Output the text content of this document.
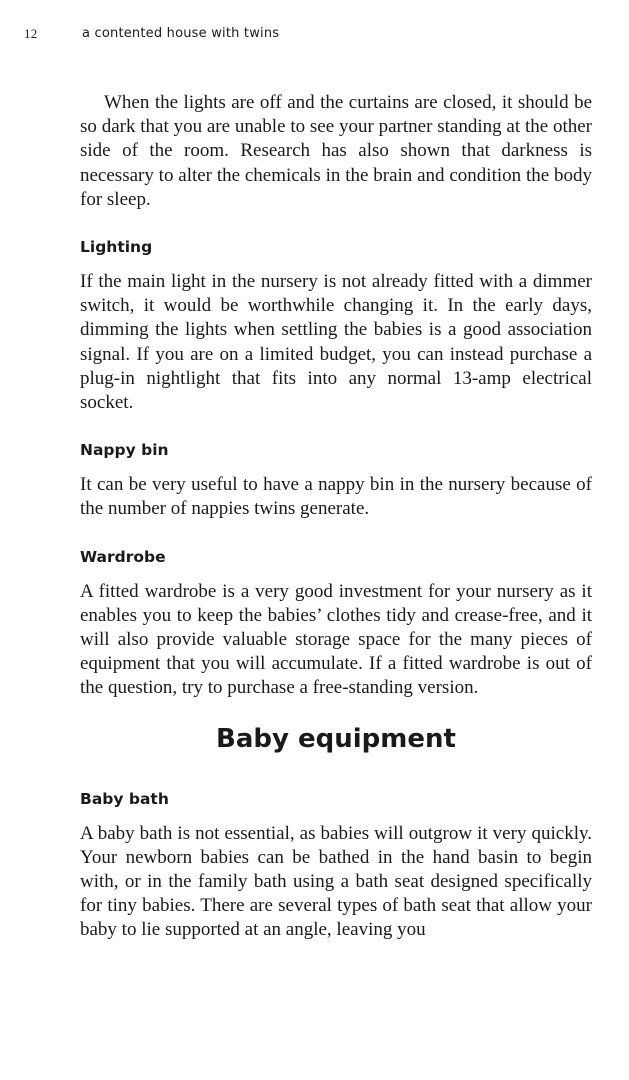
12	a contented house with twins

When the lights are off and the curtains are closed, it should be so dark that you are unable to see your partner standing at the other side of the room. Research has also shown that darkness is necessary to alter the chemicals in the brain and condition the body for sleep.

Lighting

If the main light in the nursery is not already fitted with a dimmer switch, it would be worthwhile changing it. In the early days, dimming the lights when settling the babies is a good association signal. If you are on a limited budget, you can instead purchase a plug-in nightlight that fits into any normal 13-amp electrical socket.

Nappy bin

It can be very useful to have a nappy bin in the nursery because of the number of nappies twins generate.

Wardrobe

A fitted wardrobe is a very good investment for your nursery as it enables you to keep the babies’ clothes tidy and crease-free, and it will also provide valuable storage space for the many pieces of equipment that you will accumulate. If a fitted wardrobe is out of the question, try to purchase a free-standing version.

Baby equipment
Baby bath

A baby bath is not essential, as babies will outgrow it very quickly. Your newborn babies can be bathed in the hand basin to begin with, or in the family bath using a bath seat designed specifically for tiny babies. There are several types of bath seat that allow your baby to lie supported at an angle, leaving you
